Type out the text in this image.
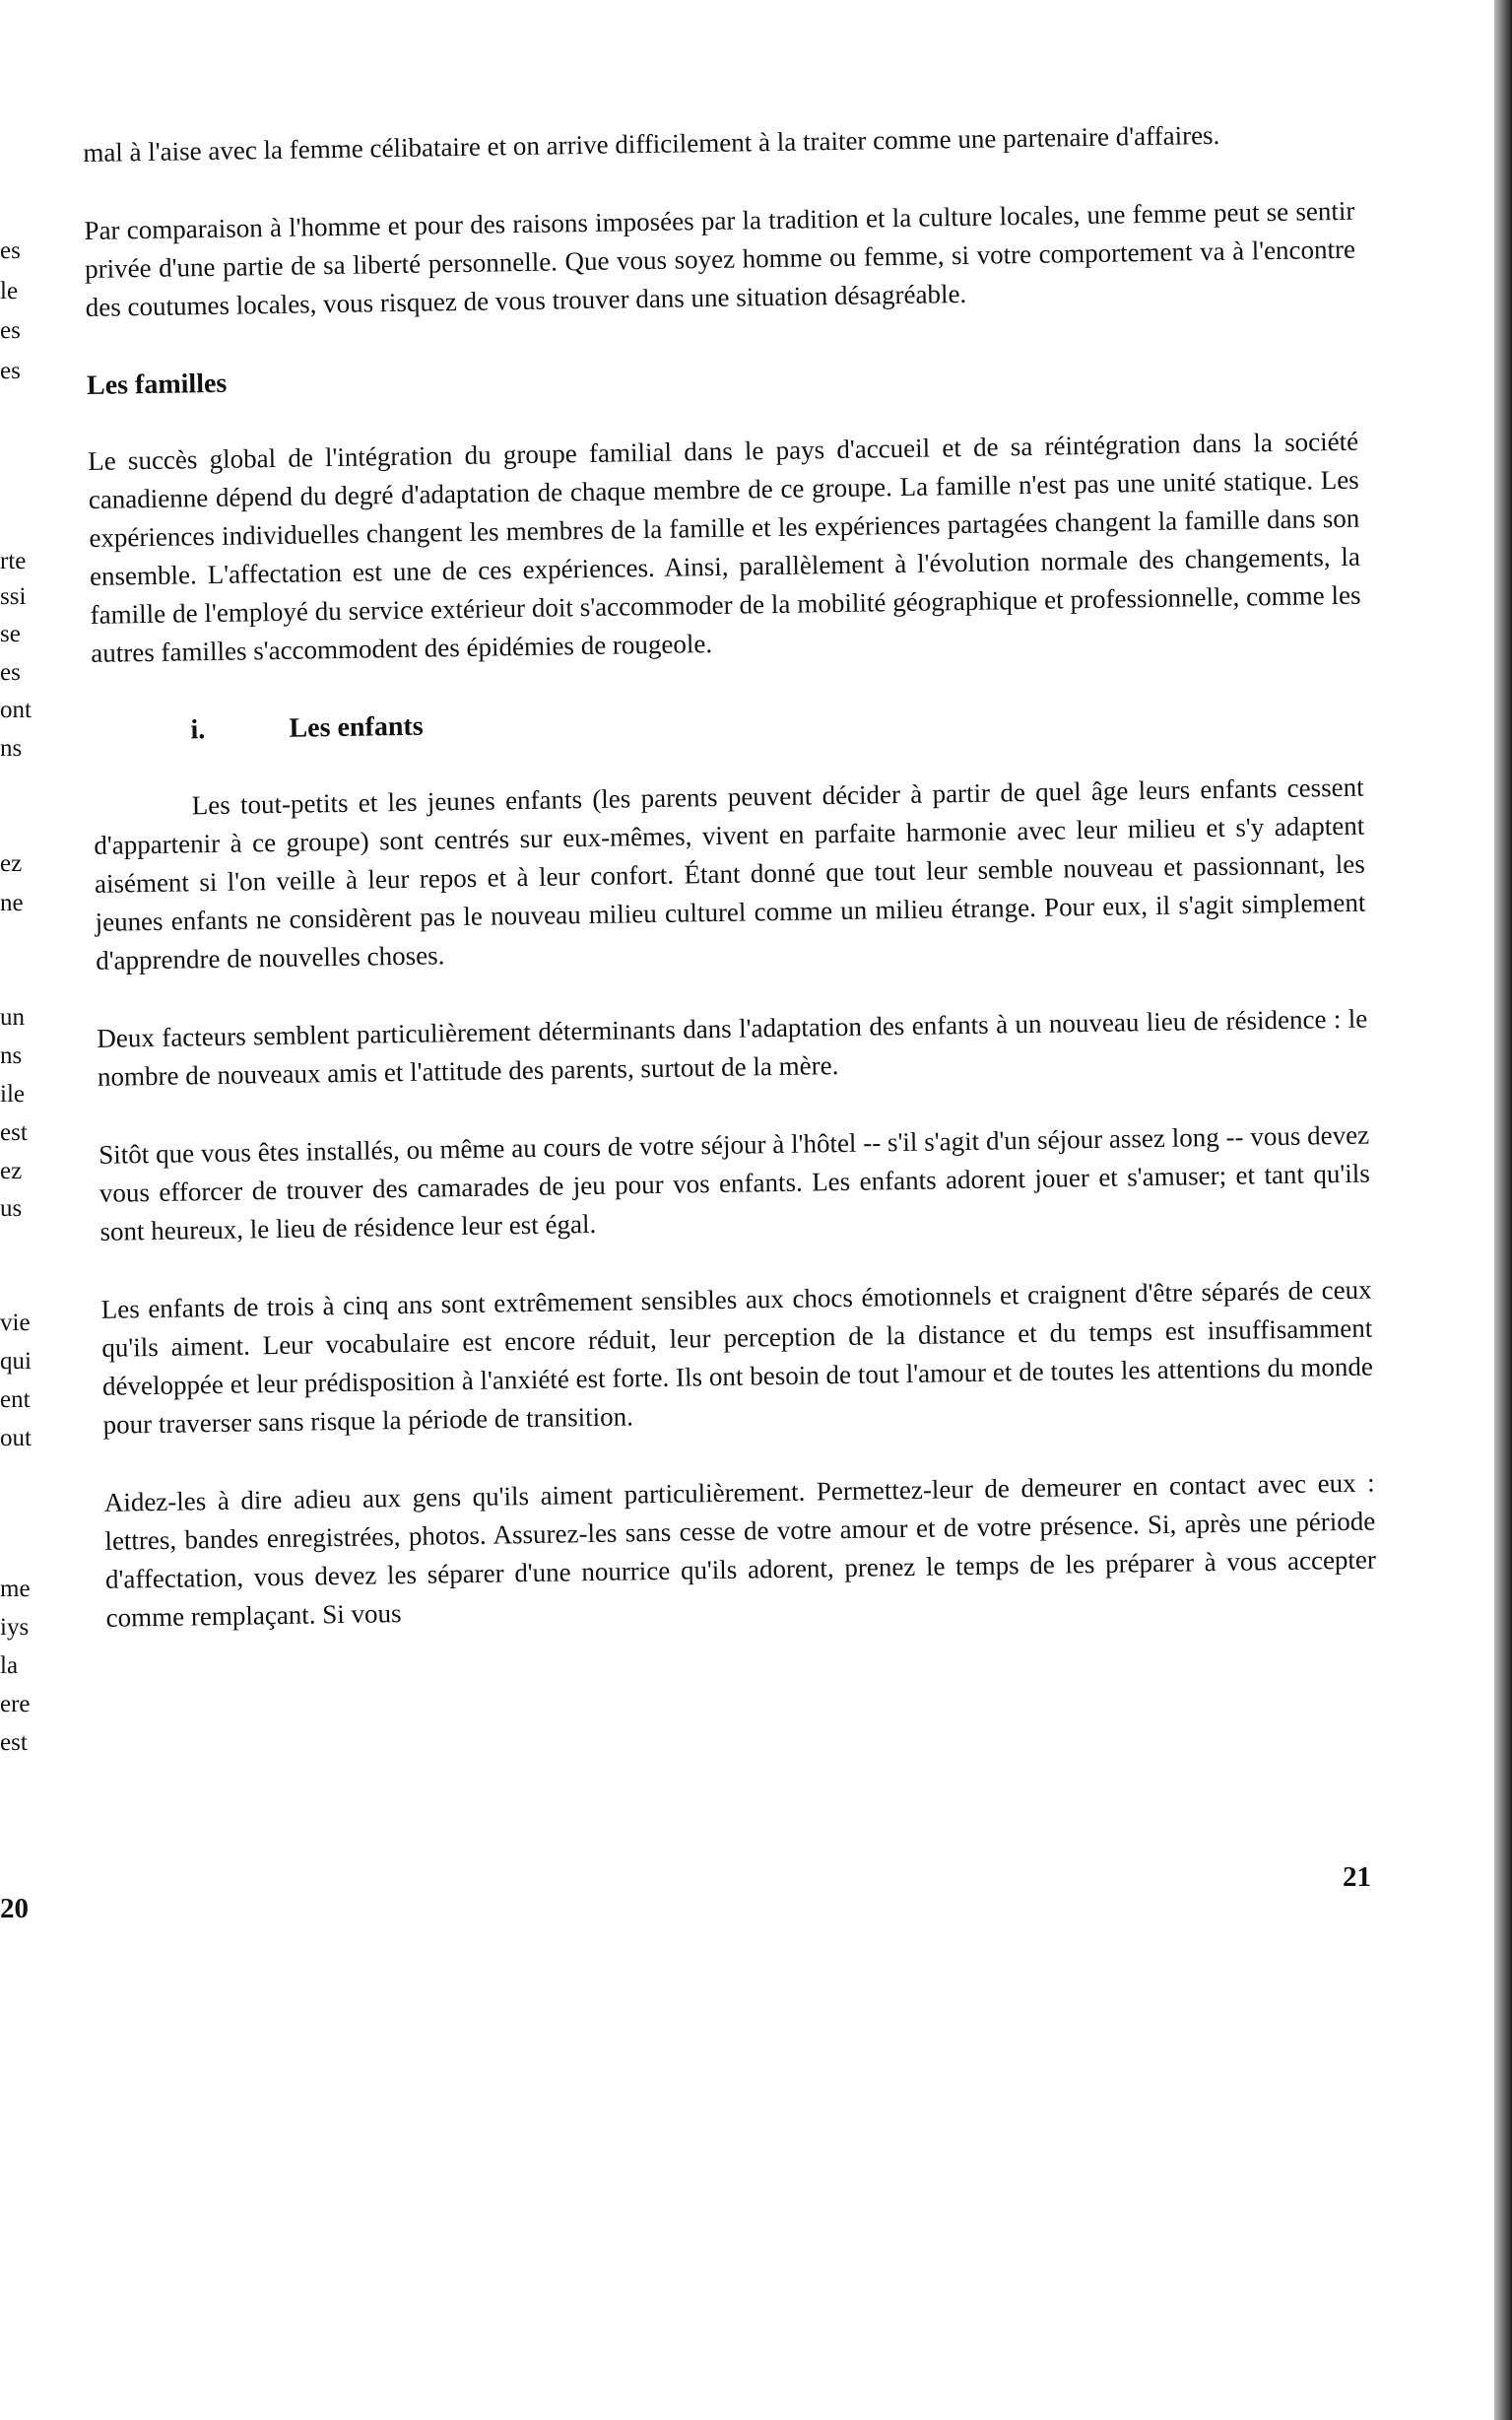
es
le
es
es
rte
ssi
se
es
ont
ns
ez
ne
un
ns
ile
est
ez
us
vie
qui
ent
out
me
iys
la
ere
est

mal à l'aise avec la femme célibataire et on arrive difficilement à la traiter comme une partenaire d'affaires.

Par comparaison à l'homme et pour des raisons imposées par la tradition et la culture locales, une femme peut se sentir privée d'une partie de sa liberté personnelle. Que vous soyez homme ou femme, si votre comportement va à l'encontre des coutumes locales, vous risquez de vous trouver dans une situation désagréable.

Les familles

Le succès global de l'intégration du groupe familial dans le pays d'accueil et de sa réintégration dans la société canadienne dépend du degré d'adaptation de chaque membre de ce groupe. La famille n'est pas une unité statique. Les expériences individuelles changent les membres de la famille et les expériences partagées changent la famille dans son ensemble. L'affectation est une de ces expériences. Ainsi, parallèlement à l'évolution normale des changements, la famille de l'employé du service extérieur doit s'accommoder de la mobilité géographique et professionnelle, comme les autres familles s'accommodent des épidémies de rougeole.

i.	Les enfants

Les tout-petits et les jeunes enfants (les parents peuvent décider à partir de quel âge leurs enfants cessent d'appartenir à ce groupe) sont centrés sur eux-mêmes, vivent en parfaite harmonie avec leur milieu et s'y adaptent aisément si l'on veille à leur repos et à leur confort. Étant donné que tout leur semble nouveau et passionnant, les jeunes enfants ne considèrent pas le nouveau milieu culturel comme un milieu étrange. Pour eux, il s'agit simplement d'apprendre de nouvelles choses.

Deux facteurs semblent particulièrement déterminants dans l'adaptation des enfants à un nouveau lieu de résidence : le nombre de nouveaux amis et l'attitude des parents, surtout de la mère.

Sitôt que vous êtes installés, ou même au cours de votre séjour à l'hôtel -- s'il s'agit d'un séjour assez long -- vous devez vous efforcer de trouver des camarades de jeu pour vos enfants. Les enfants adorent jouer et s'amuser; et tant qu'ils sont heureux, le lieu de résidence leur est égal.

Les enfants de trois à cinq ans sont extrêmement sensibles aux chocs émotionnels et craignent d'être séparés de ceux qu'ils aiment. Leur vocabulaire est encore réduit, leur perception de la distance et du temps est insuffisamment développée et leur prédisposition à l'anxiété est forte. Ils ont besoin de tout l'amour et de toutes les attentions du monde pour traverser sans risque la période de transition.

Aidez-les à dire adieu aux gens qu'ils aiment particulièrement. Permettez-leur de demeurer en contact avec eux : lettres, bandes enregistrées, photos. Assurez-les sans cesse de votre amour et de votre présence. Si, après une période d'affectation, vous devez les séparer d'une nourrice qu'ils adorent, prenez le temps de les préparer à vous accepter comme remplaçant. Si vous

20
21
